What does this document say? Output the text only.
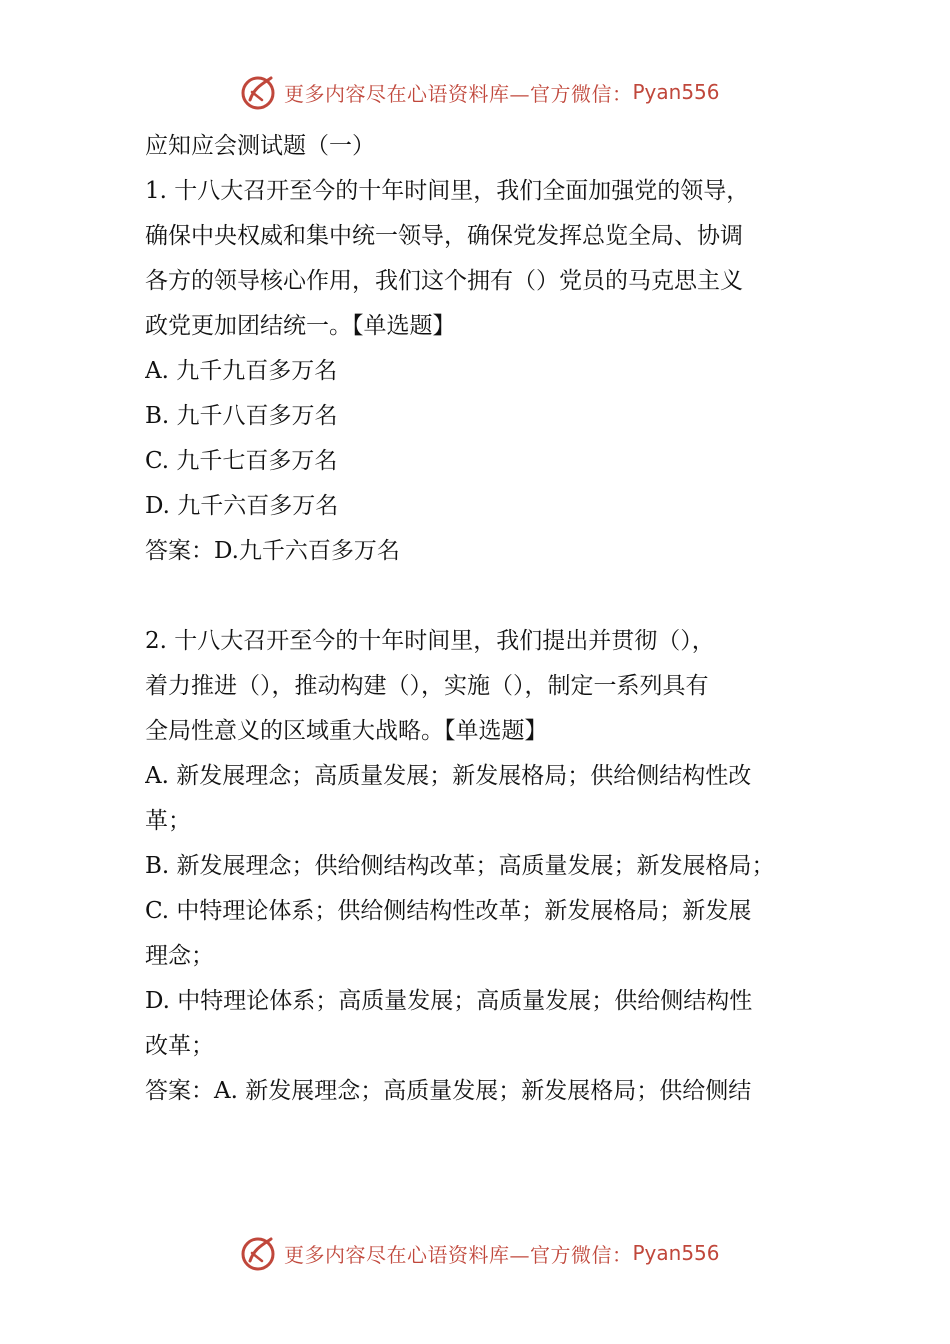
更多内容尽在心语资料库—官方微信： Pyan556
应知应会测试题（一）
1. 十八大召开至今的十年时间里，我们全面加强党的领导，
确保中央权威和集中统一领导，确保党发挥总览全局、协调
各方的领导核心作用，我们这个拥有（）党员的马克思主义
政党更加团结统一。【单选题】
A. 九千九百多万名
B. 九千八百多万名
C. 九千七百多万名
D. 九千六百多万名
答案：D.九千六百多万名
2. 十八大召开至今的十年时间里，我们提出并贯彻（），
着力推进（），推动构建（），实施（），制定一系列具有
全局性意义的区域重大战略。【单选题】
A. 新发展理念；高质量发展；新发展格局；供给侧结构性改
革；
B. 新发展理念；供给侧结构改革；高质量发展；新发展格局；
C. 中特理论体系；供给侧结构性改革；新发展格局；新发展
理念；
D. 中特理论体系；高质量发展；高质量发展；供给侧结构性
改革；
答案：A. 新发展理念；高质量发展；新发展格局；供给侧结
更多内容尽在心语资料库—官方微信： Pyan556
